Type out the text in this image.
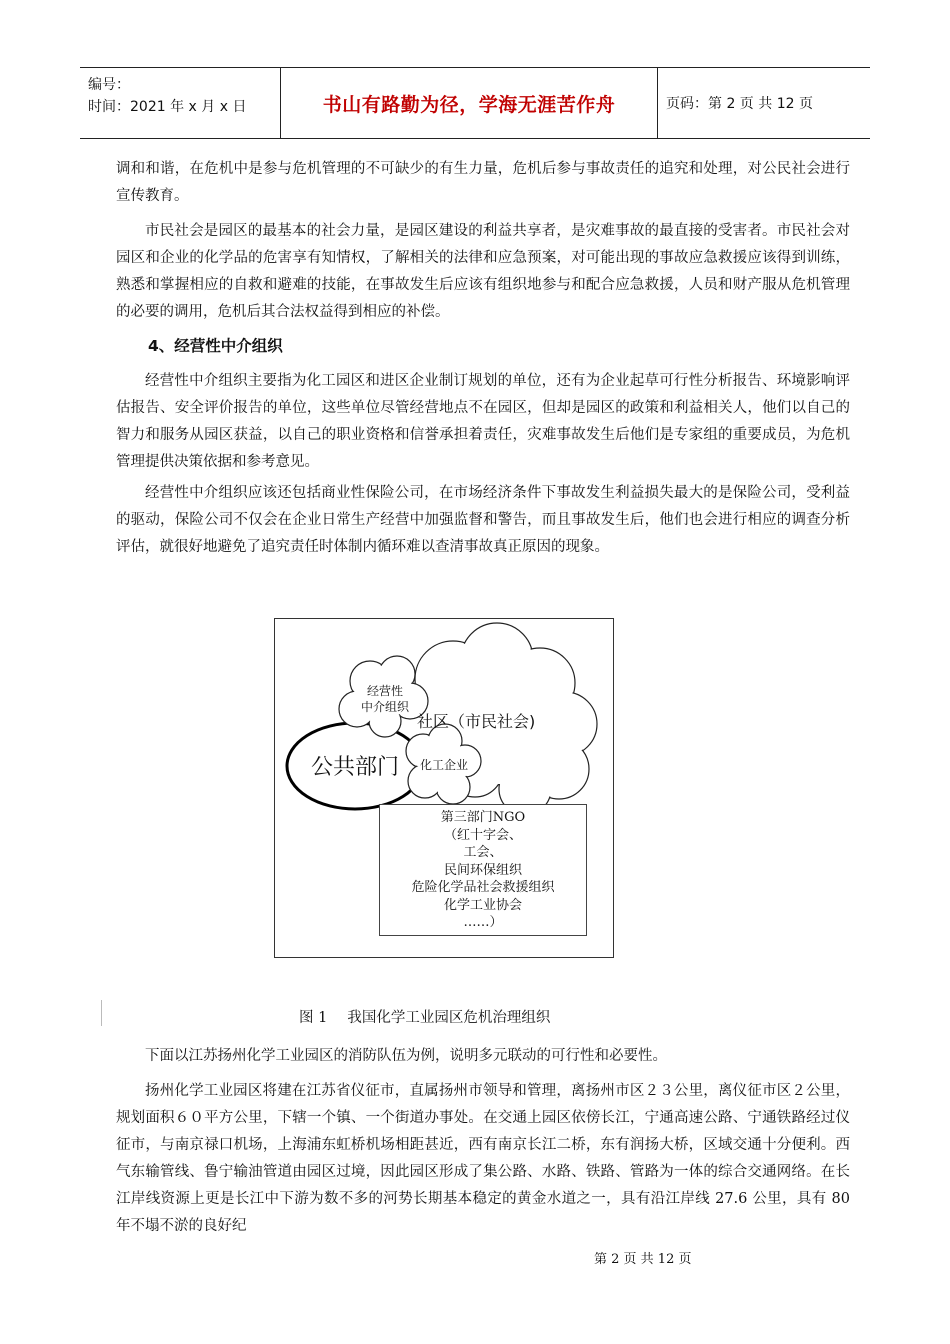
编号：
时间：2021 年 x 月 x 日	书山有路勤为径，学海无涯苦作舟	页码：第 2 页 共 12 页

调和和谐，在危机中是参与危机管理的不可缺少的有生力量，危机后参与事故责任的追究和处理，对公民社会进行宣传教育。

市民社会是园区的最基本的社会力量，是园区建设的利益共享者，是灾难事故的最直接的受害者。市民社会对园区和企业的化学品的危害享有知情权，了解相关的法律和应急预案，对可能出现的事故应急救援应该得到训练，熟悉和掌握相应的自救和避难的技能，在事故发生后应该有组织地参与和配合应急救援，人员和财产服从危机管理的必要的调用，危机后其合法权益得到相应的补偿。

4、经营性中介组织

经营性中介组织主要指为化工园区和进区企业制订规划的单位，还有为企业起草可行性分析报告、环境影响评估报告、安全评价报告的单位，这些单位尽管经营地点不在园区，但却是园区的政策和利益相关人，他们以自己的智力和服务从园区获益，以自己的职业资格和信誉承担着责任，灾难事故发生后他们是专家组的重要成员，为危机管理提供决策依据和参考意见。

经营性中介组织应该还包括商业性保险公司，在市场经济条件下事故发生利益损失最大的是保险公司，受利益的驱动，保险公司不仅会在企业日常生产经营中加强监督和警告，而且事故发生后，他们也会进行相应的调查分析评估，就很好地避免了追究责任时体制内循环难以查清事故真正原因的现象。

经营性
中介组织
社区（市民社会)
公共部门 化工企业
第三部门NGO
（红十字会、
工会、
民间环保组织
危险化学品社会救援组织
化学工业协会
……）
图 1 我国化学工业园区危机治理组织

下面以江苏扬州化学工业园区的消防队伍为例，说明多元联动的可行性和必要性。

扬州化学工业园区将建在江苏省仪征市，直属扬州市领导和管理，离扬州市区２３公里，离仪征市区２公里，规划面积６０平方公里，下辖一个镇、一个街道办事处。在交通上园区依傍长江，宁通高速公路、宁通铁路经过仪征市，与南京禄口机场，上海浦东虹桥机场相距甚近，西有南京长江二桥，东有润扬大桥，区域交通十分便利。西气东输管线、鲁宁输油管道由园区过境，因此园区形成了集公路、水路、铁路、管路为一体的综合交通网络。在长江岸线资源上更是长江中下游为数不多的河势长期基本稳定的黄金水道之一，具有沿江岸线 27.6 公里，具有 80 年不塌不淤的良好纪

第 2 页 共 12 页
